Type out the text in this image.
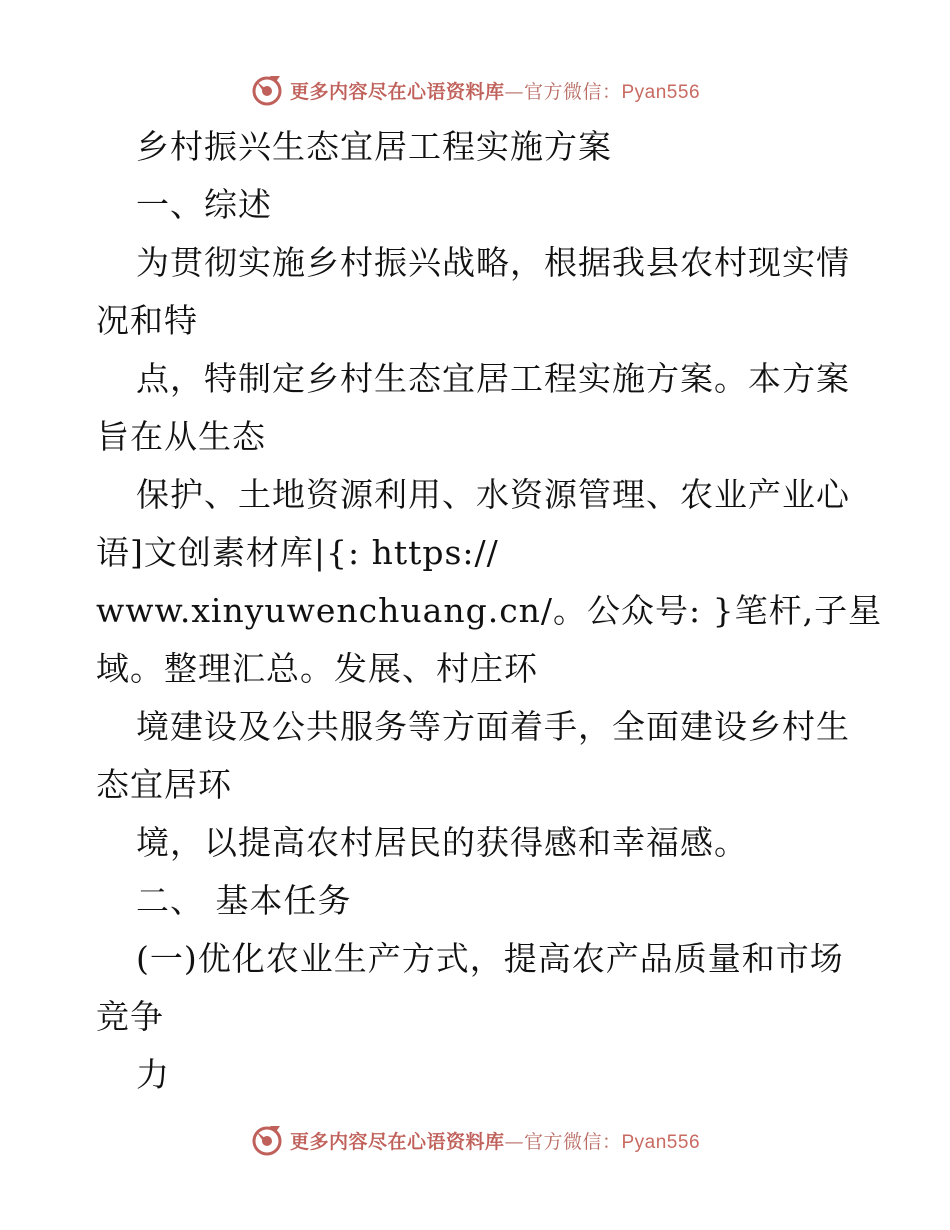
更多内容尽在心语资料库—官方微信：Pyan556
乡村振兴生态宜居工程实施方案
一、综述
为贯彻实施乡村振兴战略，根据我县农村现实情
况和特
点，特制定乡村生态宜居工程实施方案。本方案
旨在从生态
保护、土地资源利用、水资源管理、农业产业心
语]文创素材库|{: https://
www.xinyuwenchuang.cn/。公众号: }笔杆,子星
域。整理汇总。发展、村庄环
境建设及公共服务等方面着手，全面建设乡村生
态宜居环
境，以提高农村居民的获得感和幸福感。
二、 基本任务
(一)优化农业生产方式，提高农产品质量和市场
竞争
力
更多内容尽在心语资料库—官方微信：Pyan556
